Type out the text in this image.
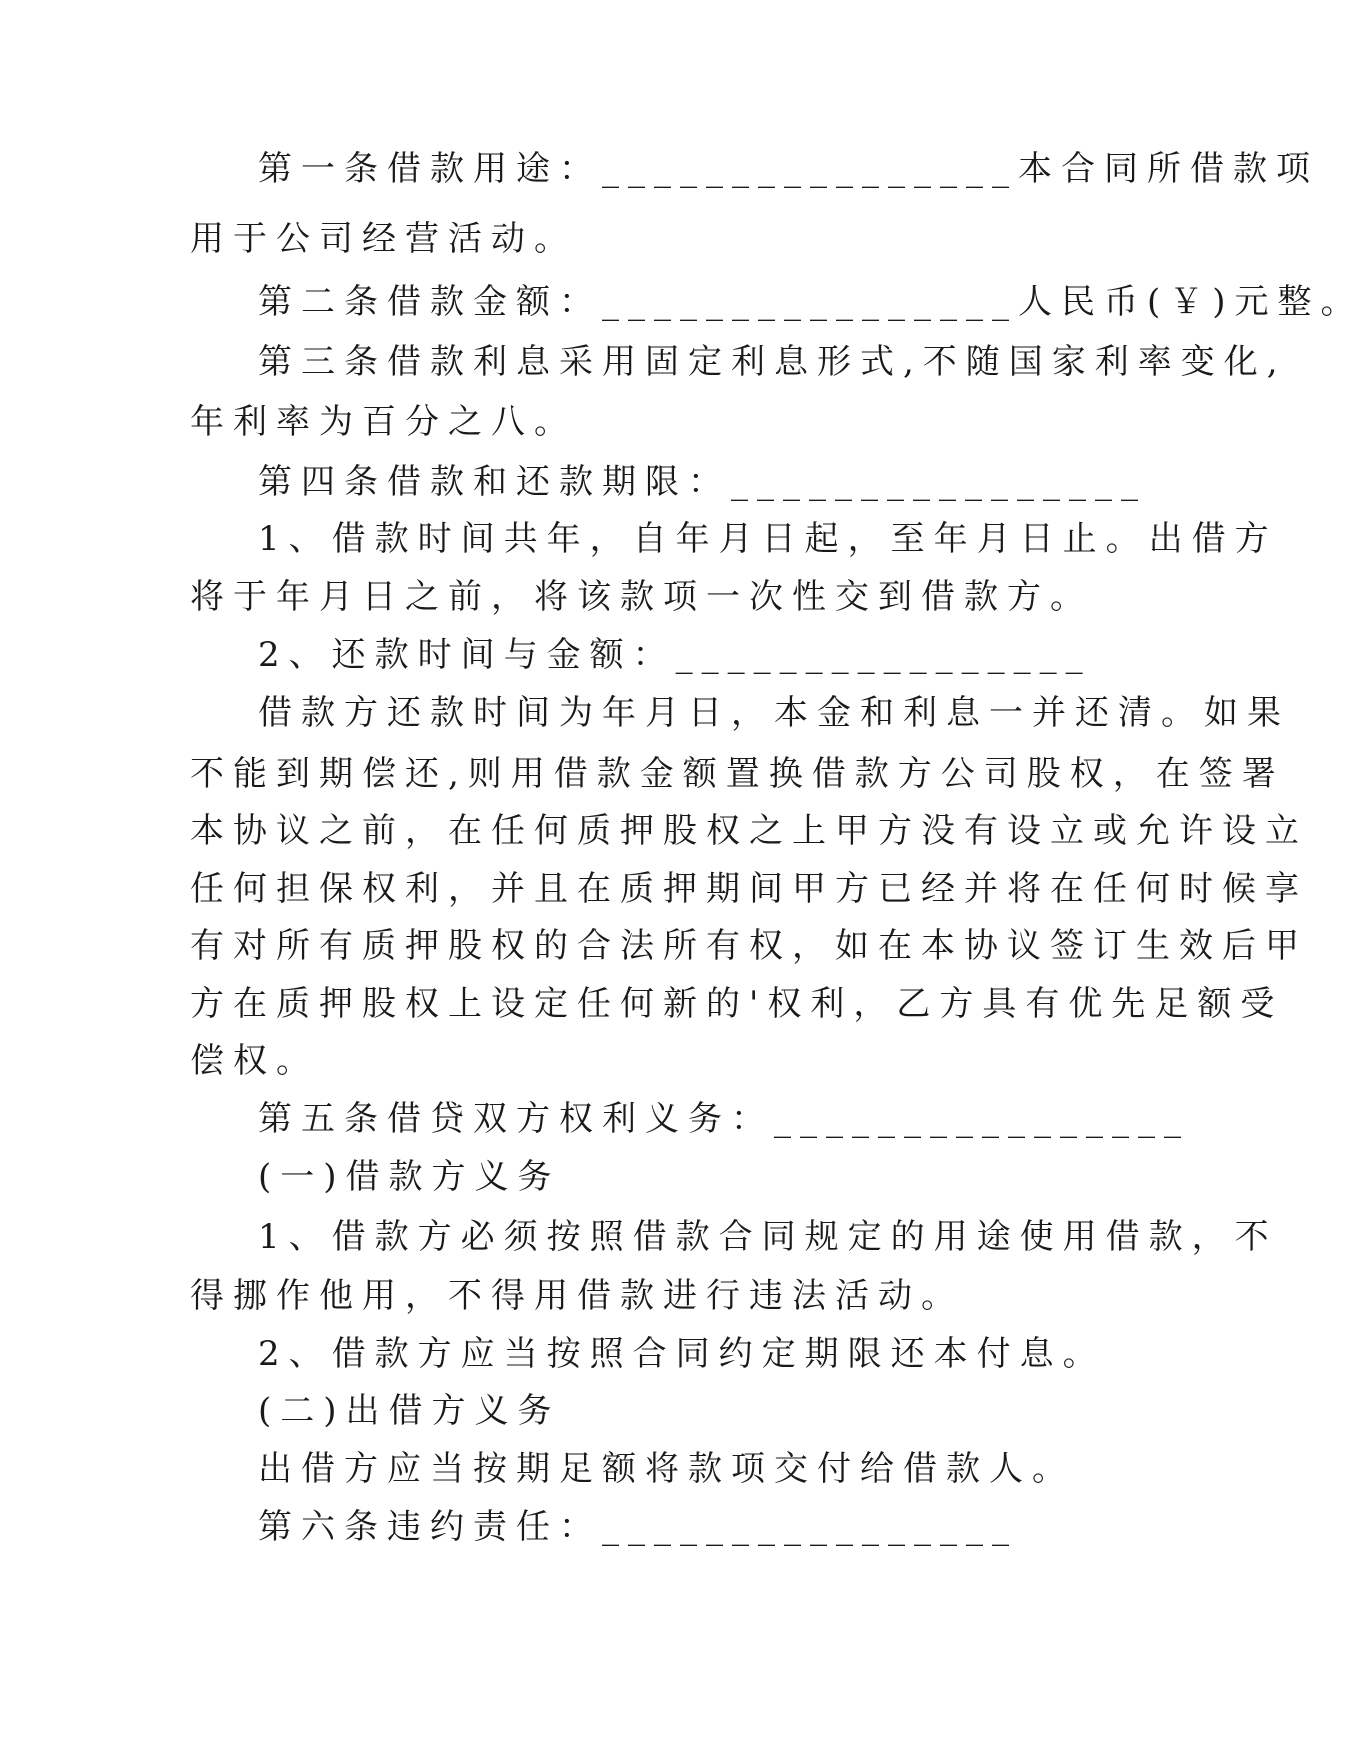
第一条借款用途：________________本合同所借款项
用于公司经营活动。
第二条借款金额：________________人民币(￥)元整。
第三条借款利息采用固定利息形式,不随国家利率变化,
年利率为百分之八。
第四条借款和还款期限：________________
1、借款时间共年，自年月日起，至年月日止。出借方
将于年月日之前，将该款项一次性交到借款方。
2、还款时间与金额：________________
借款方还款时间为年月日，本金和利息一并还清。如果
不能到期偿还,则用借款金额置换借款方公司股权，在签署
本协议之前，在任何质押股权之上甲方没有设立或允许设立
任何担保权利，并且在质押期间甲方已经并将在任何时候享
有对所有质押股权的合法所有权，如在本协议签订生效后甲
方在质押股权上设定任何新的'权利，乙方具有优先足额受
偿权。
第五条借贷双方权利义务：________________
(一)借款方义务
1、借款方必须按照借款合同规定的用途使用借款，不
得挪作他用，不得用借款进行违法活动。
2、借款方应当按照合同约定期限还本付息。
(二)出借方义务
出借方应当按期足额将款项交付给借款人。
第六条违约责任：________________
